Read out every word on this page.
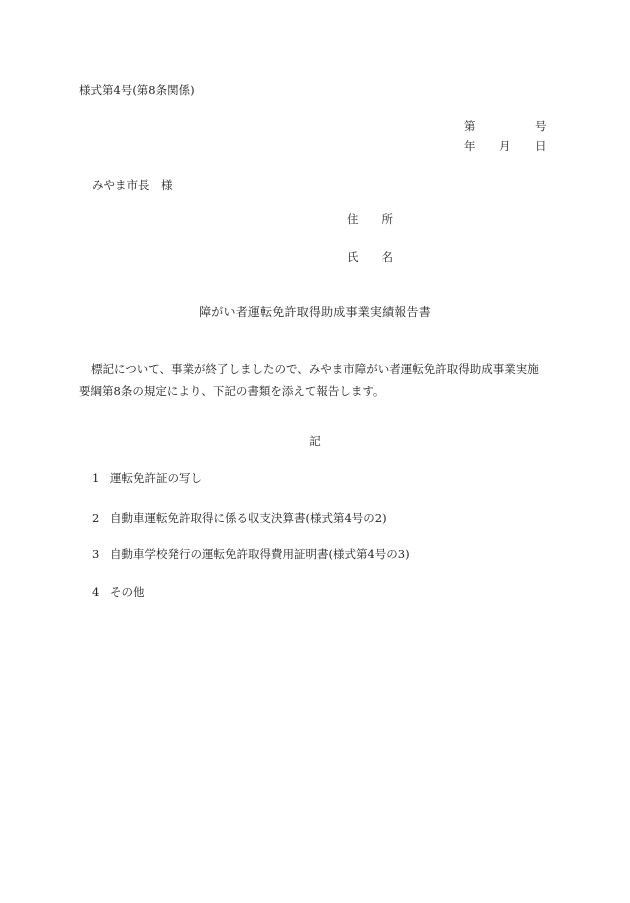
様式第4号(第8条関係)
第	号
年 月 日
みやま市長　様
住　　所
氏　　名
障がい者運転免許取得助成事業実績報告書
標記について、事業が終了しましたので、みやま市障がい者運転免許取得助成事業実施要綱第8条の規定により、下記の書類を添えて報告します。
記
1 運転免許証の写し
2 自動車運転免許取得に係る収支決算書(様式第4号の2)
3 自動車学校発行の運転免許取得費用証明書(様式第4号の3)
4 その他
